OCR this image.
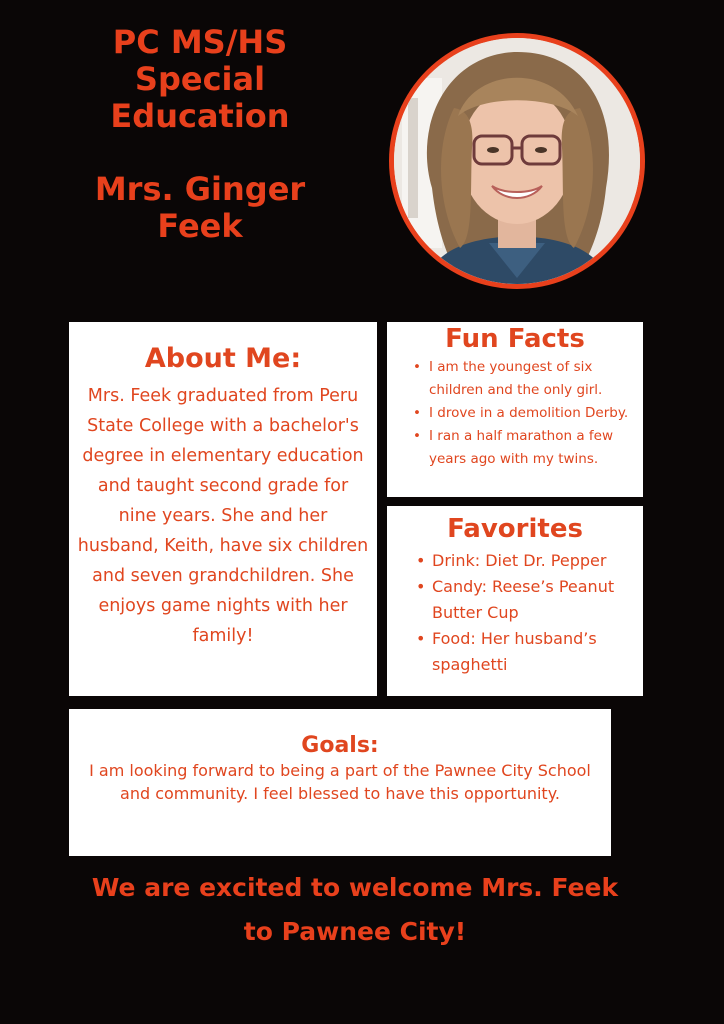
PC MS/HS
Special
Education
Mrs. Ginger
Feek
About Me:

Mrs. Feek graduated from Peru State College with a bachelor's degree in elementary education and taught second grade for nine years. She and her husband, Keith, have six children and seven grandchildren. She enjoys game nights with her family!

Fun Facts
• I am the youngest of six children and the only girl.
• I drove in a demolition Derby.
• I ran a half marathon a few years ago with my twins.
Favorites
• Drink: Diet Dr. Pepper
• Candy: Reese’s Peanut Butter Cup
• Food: Her husband’s spaghetti
Goals:

I am looking forward to being a part of the Pawnee City School and community. I feel blessed to have this opportunity.

We are excited to welcome Mrs. Feek
to Pawnee City!
